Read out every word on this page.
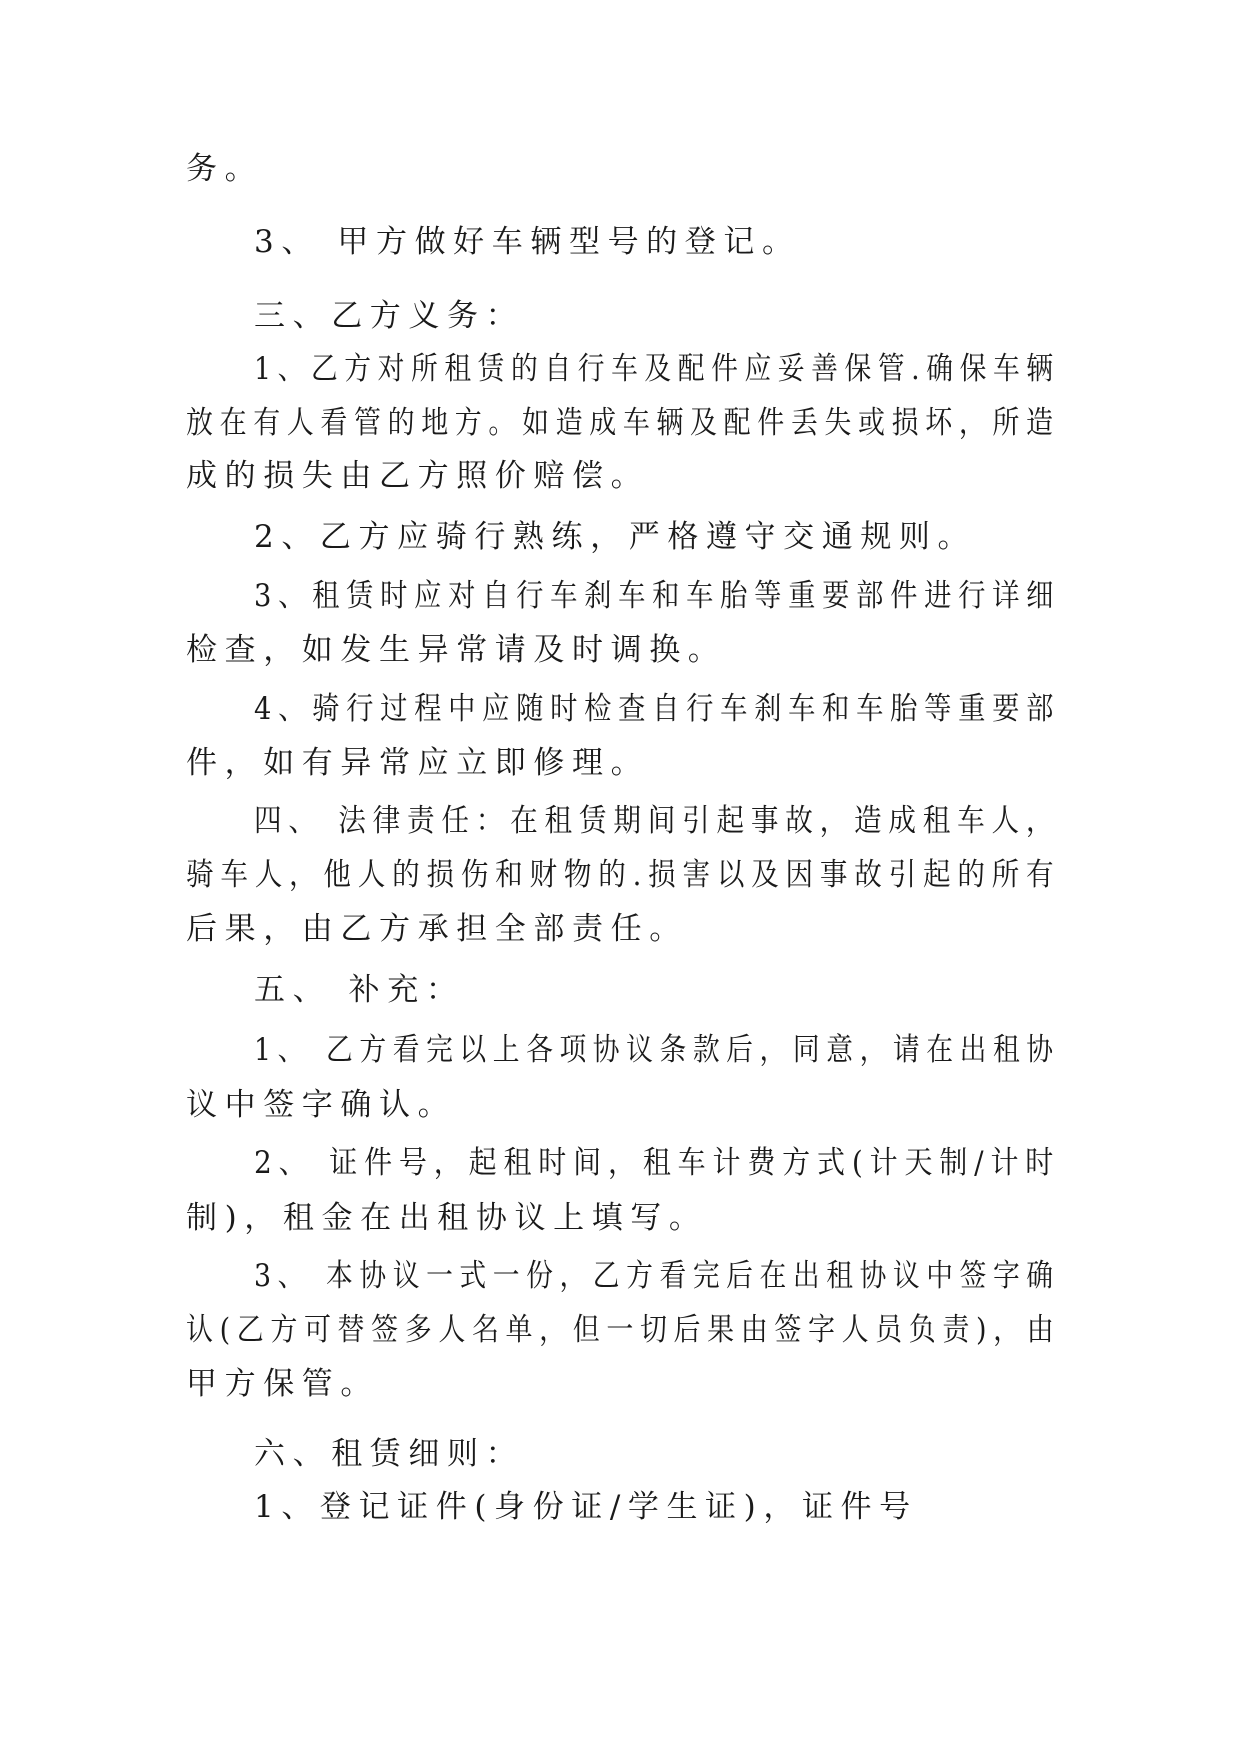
务。
3、 甲方做好车辆型号的登记。
三、乙方义务：
1、乙方对所租赁的自行车及配件应妥善保管.确保车辆
放在有人看管的地方。如造成车辆及配件丢失或损坏，所造
成的损失由乙方照价赔偿。
2、乙方应骑行熟练，严格遵守交通规则。
3、租赁时应对自行车刹车和车胎等重要部件进行详细
检查，如发生异常请及时调换。
4、骑行过程中应随时检查自行车刹车和车胎等重要部
件，如有异常应立即修理。
四、 法律责任：在租赁期间引起事故，造成租车人，
骑车人，他人的损伤和财物的.损害以及因事故引起的所有
后果，由乙方承担全部责任。
五、 补充：
1、 乙方看完以上各项协议条款后，同意，请在出租协
议中签字确认。
2、 证件号，起租时间，租车计费方式(计天制/计时
制)，租金在出租协议上填写。
3、 本协议一式一份，乙方看完后在出租协议中签字确
认(乙方可替签多人名单，但一切后果由签字人员负责)，由
甲方保管。
六、租赁细则：
1、登记证件(身份证/学生证)，证件号
